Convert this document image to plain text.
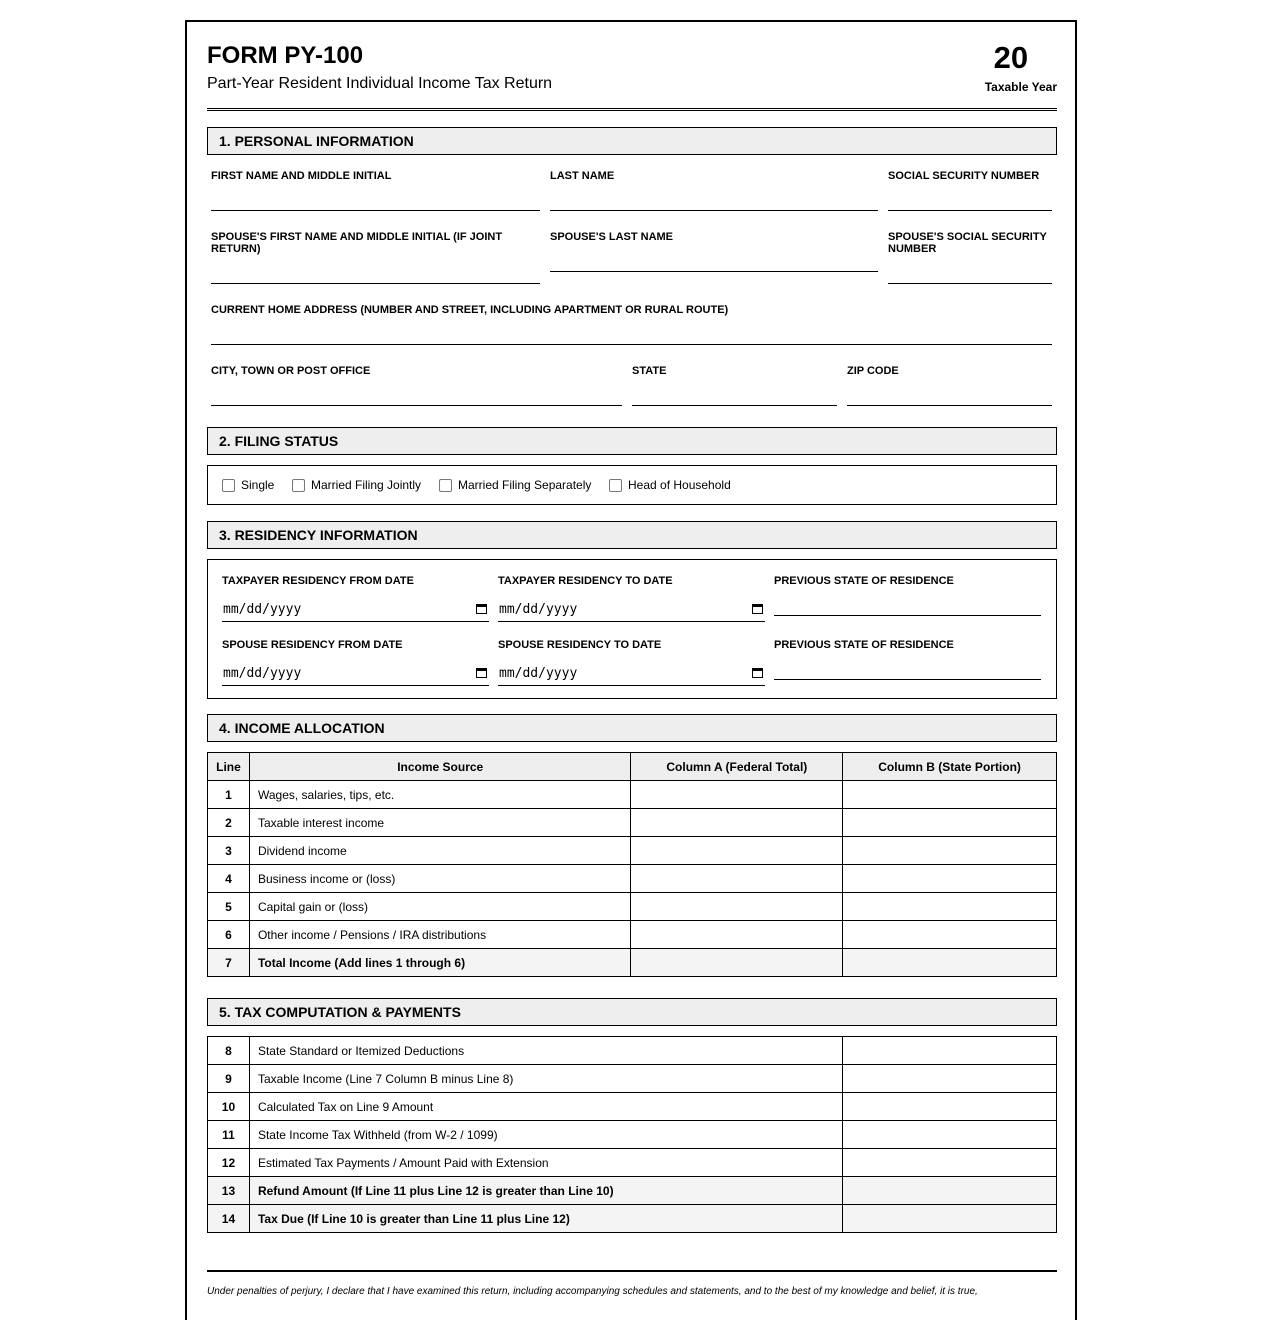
FORM PY-100
Part-Year Resident Individual Income Tax Return
20
Taxable Year
1. PERSONAL INFORMATION
FIRST NAME AND MIDDLE INITIAL	LAST NAME	SOCIAL SECURITY NUMBER
SPOUSE'S FIRST NAME AND MIDDLE INITIAL (IF JOINT RETURN)
SPOUSE'S LAST NAME	SPOUSE'S SOCIAL SECURITY NUMBER
CURRENT HOME ADDRESS (NUMBER AND STREET, INCLUDING APARTMENT OR RURAL ROUTE)
CITY, TOWN OR POST OFFICE	STATE	ZIP CODE
2. FILING STATUS
Single	Married Filing Jointly	Married Filing Separately	Head of Household
3. RESIDENCY INFORMATION
TAXPAYER RESIDENCY FROM DATE
mm/dd/yyyy
TAXPAYER RESIDENCY TO DATE
mm/dd/yyyy
PREVIOUS STATE OF RESIDENCE
SPOUSE RESIDENCY FROM DATE
mm/dd/yyyy
SPOUSE RESIDENCY TO DATE
mm/dd/yyyy
PREVIOUS STATE OF RESIDENCE
4. INCOME ALLOCATION
Line	Income Source	Column A (Federal Total)	Column B (State Portion)
1	Wages, salaries, tips, etc.		
2	Taxable interest income		
3	Dividend income		
4	Business income or (loss)		
5	Capital gain or (loss)		
6	Other income / Pensions / IRA distributions		
7	Total Income (Add lines 1 through 6)		
5. TAX COMPUTATION & PAYMENTS
8	State Standard or Itemized Deductions	
9	Taxable Income (Line 7 Column B minus Line 8)	
10	Calculated Tax on Line 9 Amount	
11	State Income Tax Withheld (from W-2 / 1099)	
12	Estimated Tax Payments / Amount Paid with Extension	
13	Refund Amount (If Line 11 plus Line 12 is greater than Line 10)	
14	Tax Due (If Line 10 is greater than Line 11 plus Line 12)	
Under penalties of perjury, I declare that I have examined this return, including accompanying schedules and statements, and to the best of my knowledge and belief, it is true,
